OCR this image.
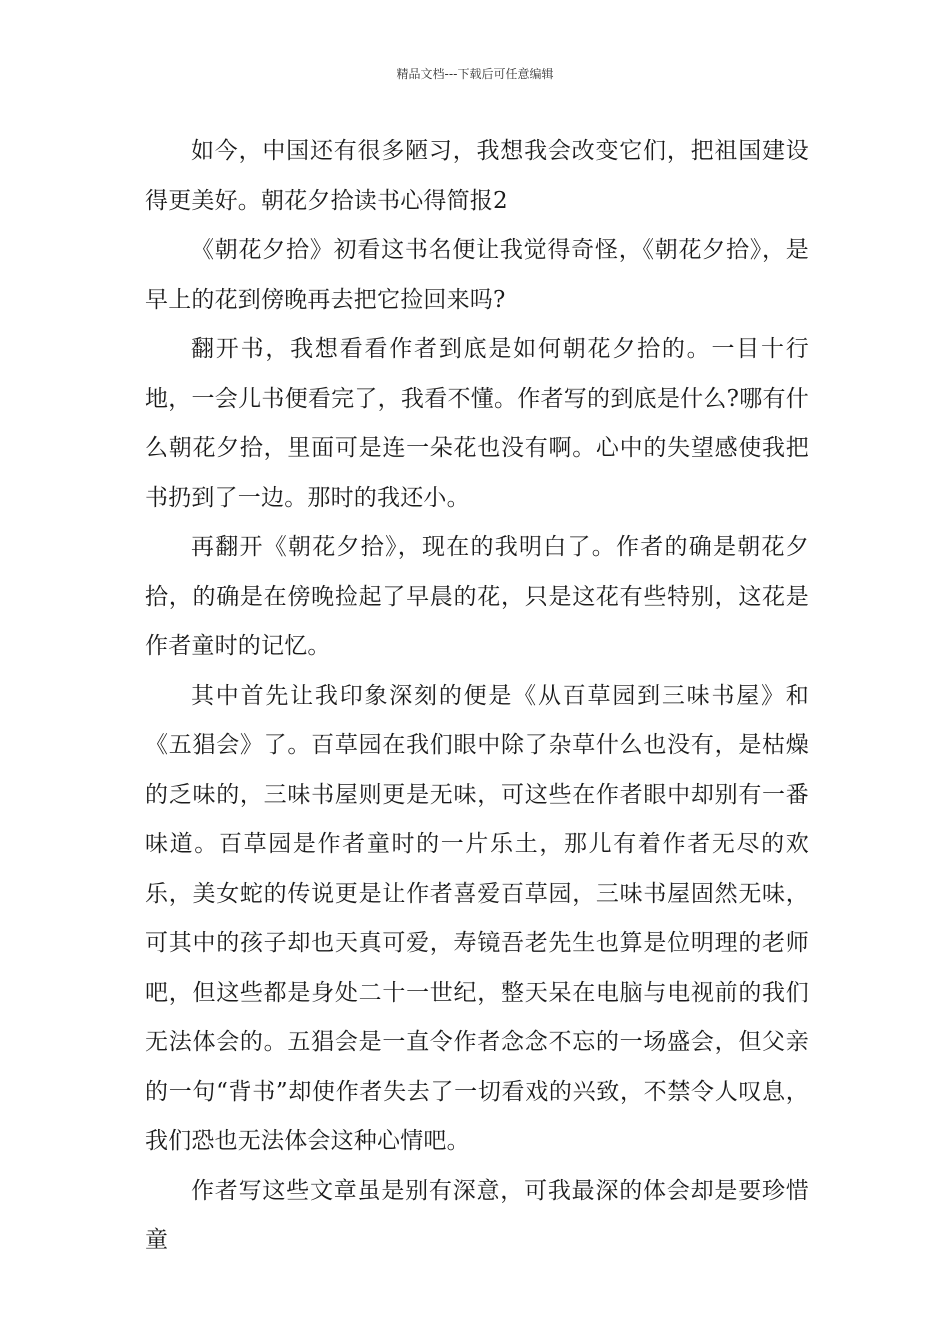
精品文档---下载后可任意编辑

如今，中国还有很多陋习，我想我会改变它们，把祖国建设得更美好。朝花夕拾读书心得简报2

《朝花夕拾》初看这书名便让我觉得奇怪，《朝花夕拾》，是早上的花到傍晚再去把它捡回来吗?

翻开书，我想看看作者到底是如何朝花夕拾的。一目十行地，一会儿书便看完了，我看不懂。作者写的到底是什么?哪有什么朝花夕拾，里面可是连一朵花也没有啊。心中的失望感使我把书扔到了一边。那时的我还小。

再翻开《朝花夕拾》，现在的我明白了。作者的确是朝花夕拾，的确是在傍晚捡起了早晨的花，只是这花有些特别，这花是作者童时的记忆。

其中首先让我印象深刻的便是《从百草园到三味书屋》和《五猖会》了。百草园在我们眼中除了杂草什么也没有，是枯燥的乏味的，三味书屋则更是无味，可这些在作者眼中却别有一番味道。百草园是作者童时的一片乐土，那儿有着作者无尽的欢乐，美女蛇的传说更是让作者喜爱百草园，三味书屋固然无味，可其中的孩子却也天真可爱，寿镜吾老先生也算是位明理的老师吧，但这些都是身处二十一世纪，整天呆在电脑与电视前的我们无法体会的。五猖会是一直令作者念念不忘的一场盛会，但父亲的一句“背书”却使作者失去了一切看戏的兴致，不禁令人叹息，我们恐也无法体会这种心情吧。

作者写这些文章虽是别有深意，可我最深的体会却是要珍惜童
